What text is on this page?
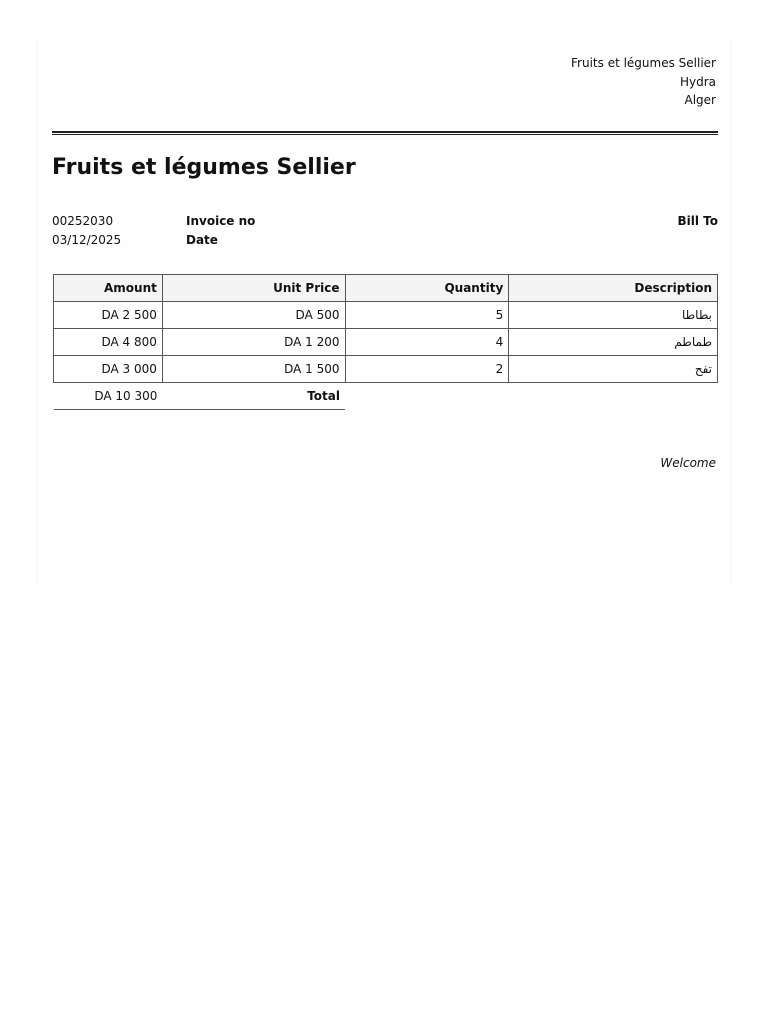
Fruits et légumes Sellier
Hydra
Alger
Fruits et légumes Sellier
00252030	Invoice no	Bill To
03/12/2025	Date
Amount	Unit Price	Quantity	Description
DA 2 500	DA 500	5	بطاطا
DA 4 800	DA 1 200	4	طماطم
DA 3 000	DA 1 500	2	تفح
DA 10 300	Total		
Welcome
